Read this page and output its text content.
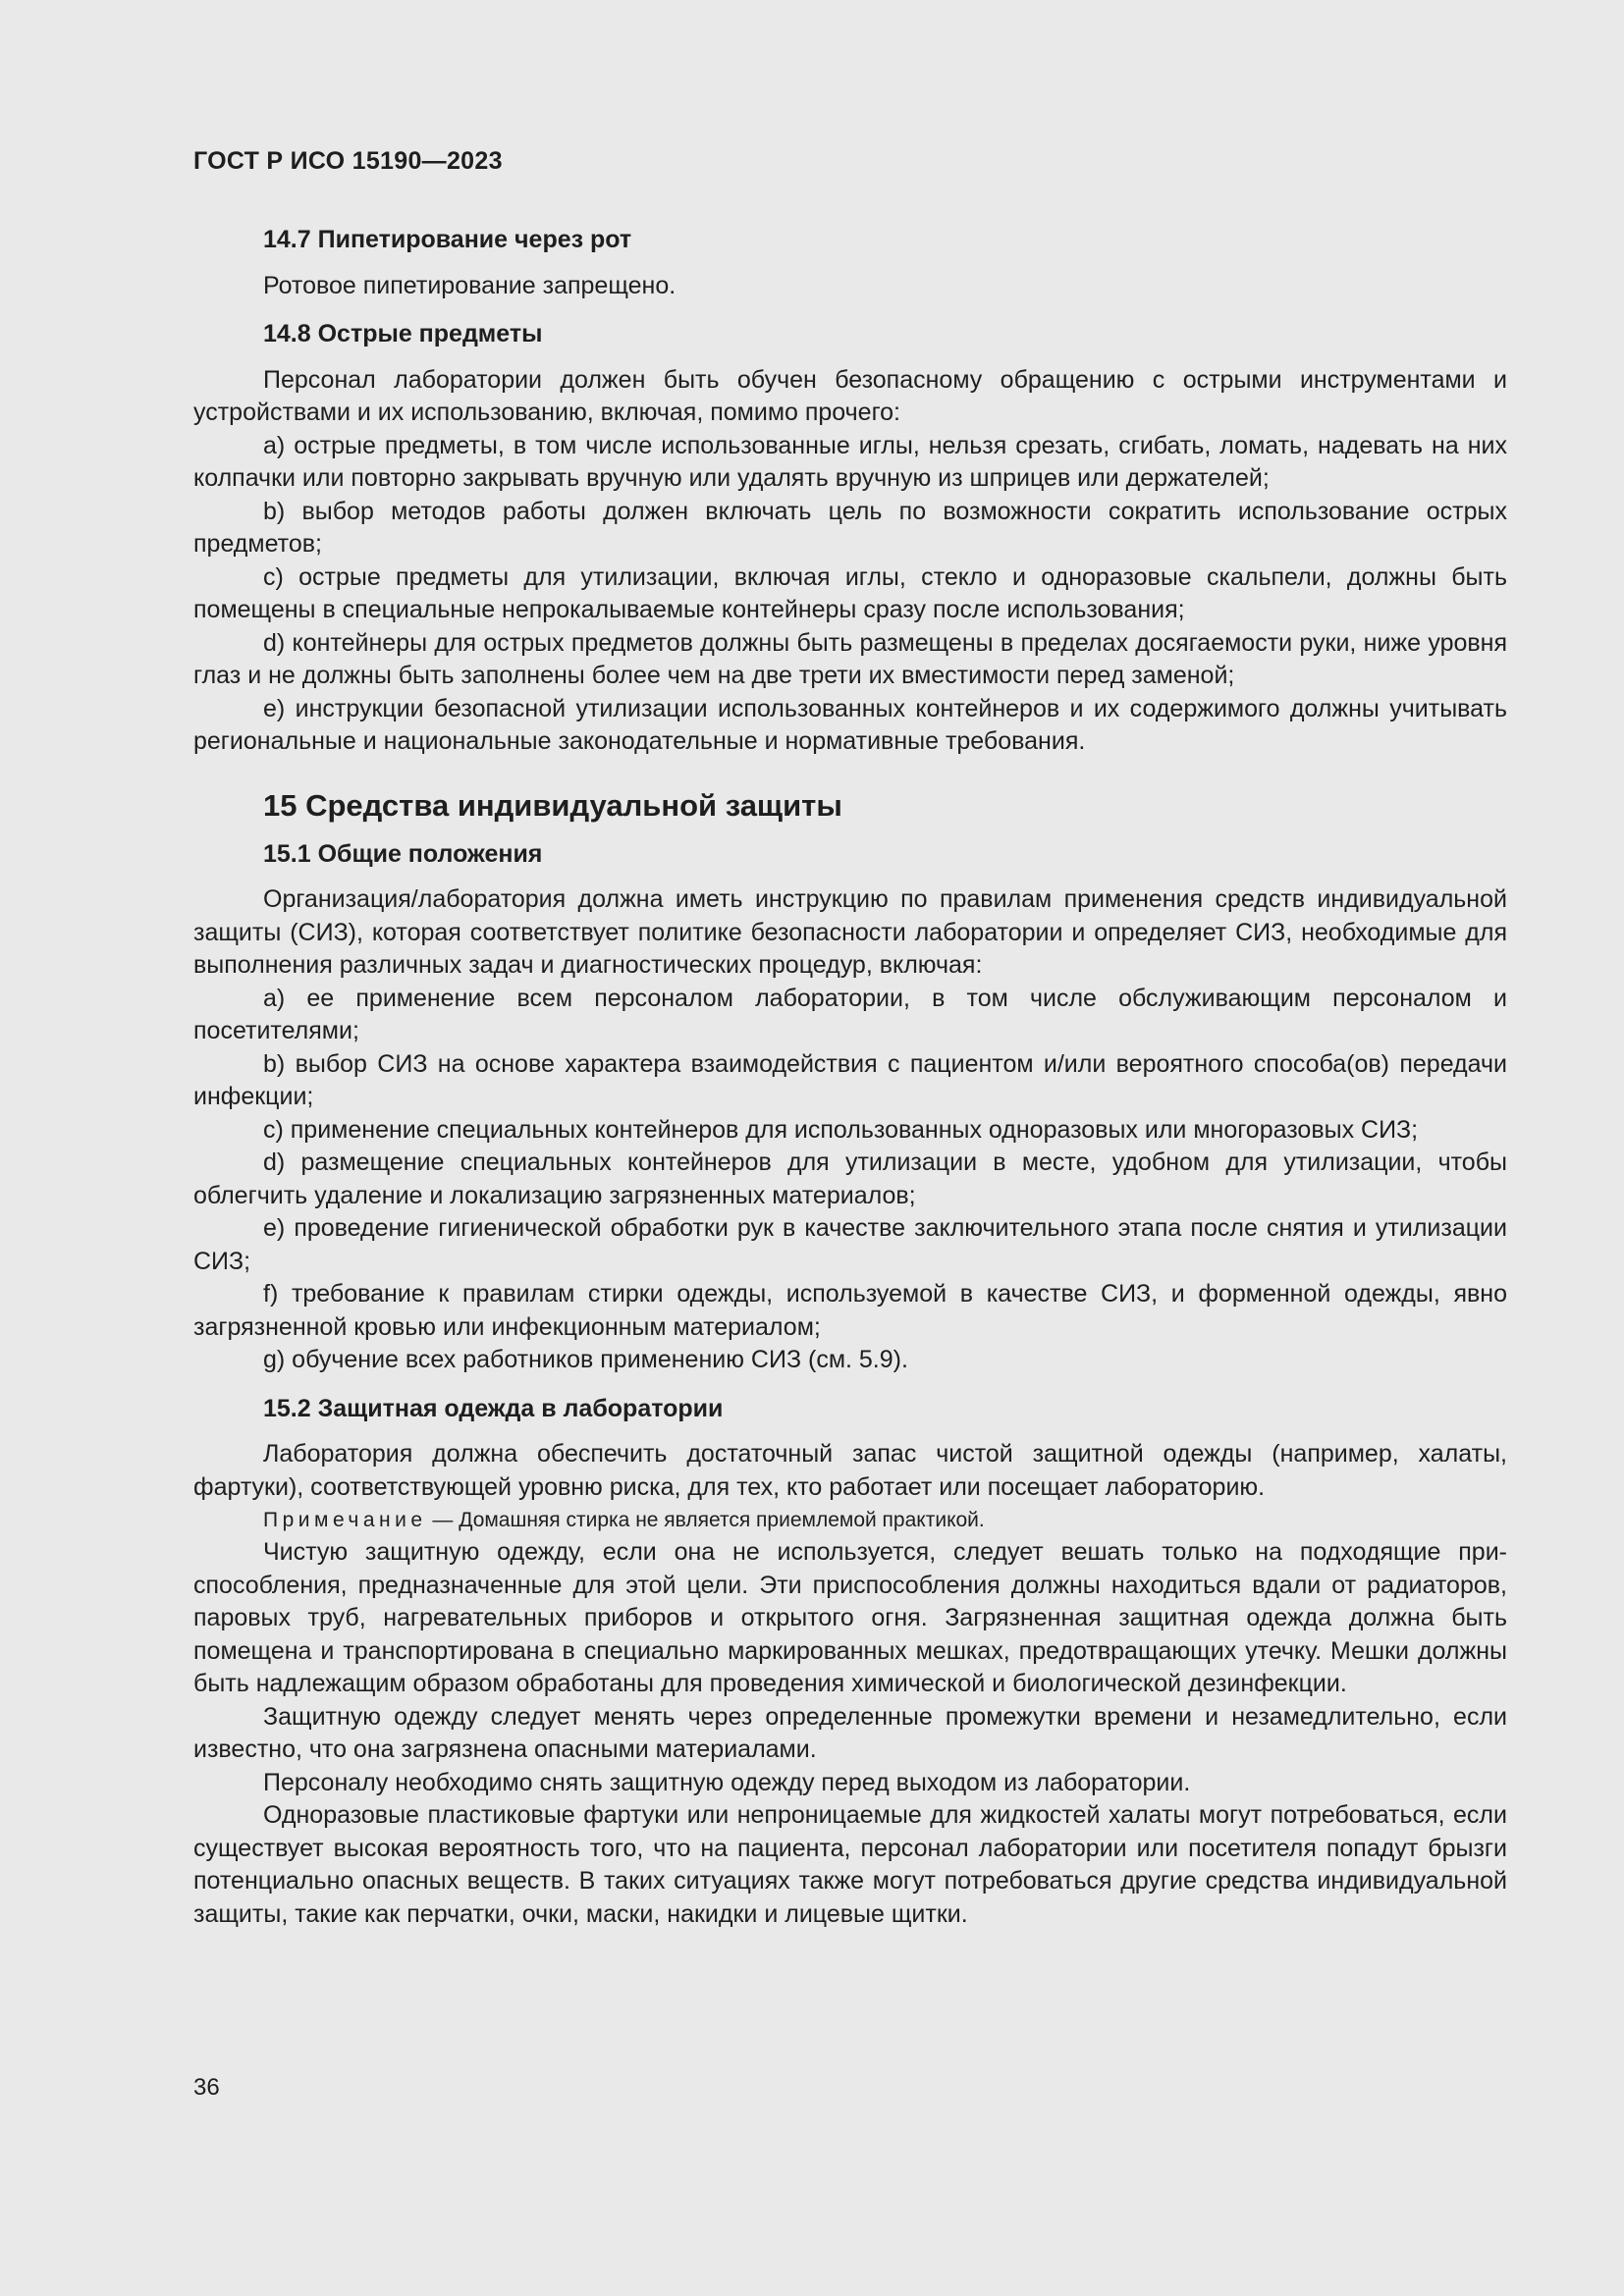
ГОСТ Р ИСО 15190—2023
14.7 Пипетирование через рот

Ротовое пипетирование запрещено.

14.8 Острые предметы

Персонал лаборатории должен быть обучен безопасному обращению с острыми инструментами и устройствами и их использованию, включая, помимо прочего:

a) острые предметы, в том числе использованные иглы, нельзя срезать, сгибать, ломать, надевать на них колпачки или повторно закрывать вручную или удалять вручную из шприцев или держателей;

b) выбор методов работы должен включать цель по возможности сократить использование острых предметов;

c) острые предметы для утилизации, включая иглы, стекло и одноразовые скальпели, должны быть помещены в специальные непрокалываемые контейнеры сразу после использования;

d) контейнеры для острых предметов должны быть размещены в пределах досягаемости руки, ниже уровня глаз и не должны быть заполнены более чем на две трети их вместимости перед заменой;

e) инструкции безопасной утилизации использованных контейнеров и их содержимого должны учитывать региональные и национальные законодательные и нормативные требования.

15 Средства индивидуальной защиты
15.1 Общие положения

Организация/лаборатория должна иметь инструкцию по правилам применения средств индивидуальной защиты (СИЗ), которая соответствует политике безопасности лаборатории и определяет СИЗ, необходимые для выполнения различных задач и диагностических процедур, включая:

a) ее применение всем персоналом лаборатории, в том числе обслуживающим персоналом и посетителями;

b) выбор СИЗ на основе характера взаимодействия с пациентом и/или вероятного способа(ов) передачи инфекции;

c) применение специальных контейнеров для использованных одноразовых или многоразовых СИЗ;

d) размещение специальных контейнеров для утилизации в месте, удобном для утилизации, чтобы облегчить удаление и локализацию загрязненных материалов;

e) проведение гигиенической обработки рук в качестве заключительного этапа после снятия и утилизации СИЗ;

f) требование к правилам стирки одежды, используемой в качестве СИЗ, и форменной одежды, явно загрязненной кровью или инфекционным материалом;

g) обучение всех работников применению СИЗ (см. 5.9).

15.2 Защитная одежда в лаборатории

Лаборатория должна обеспечить достаточный запас чистой защитной одежды (например, халаты, фартуки), соответствующей уровню риска, для тех, кто работает или посещает лабораторию.

Примечание — Домашняя стирка не является приемлемой практикой.

Чистую защитную одежду, если она не используется, следует вешать только на подходящие приспособления, предназначенные для этой цели. Эти приспособления должны находиться вдали от радиаторов, паровых труб, нагревательных приборов и открытого огня. Загрязненная защитная одежда должна быть помещена и транспортирована в специально маркированных мешках, предотвращающих утечку. Мешки должны быть надлежащим образом обработаны для проведения химической и биологической дезинфекции.

Защитную одежду следует менять через определенные промежутки времени и незамедлительно, если известно, что она загрязнена опасными материалами.

Персоналу необходимо снять защитную одежду перед выходом из лаборатории.

Одноразовые пластиковые фартуки или непроницаемые для жидкостей халаты могут потребоваться, если существует высокая вероятность того, что на пациента, персонал лаборатории или посетителя попадут брызги потенциально опасных веществ. В таких ситуациях также могут потребоваться другие средства индивидуальной защиты, такие как перчатки, очки, маски, накидки и лицевые щитки.

36
